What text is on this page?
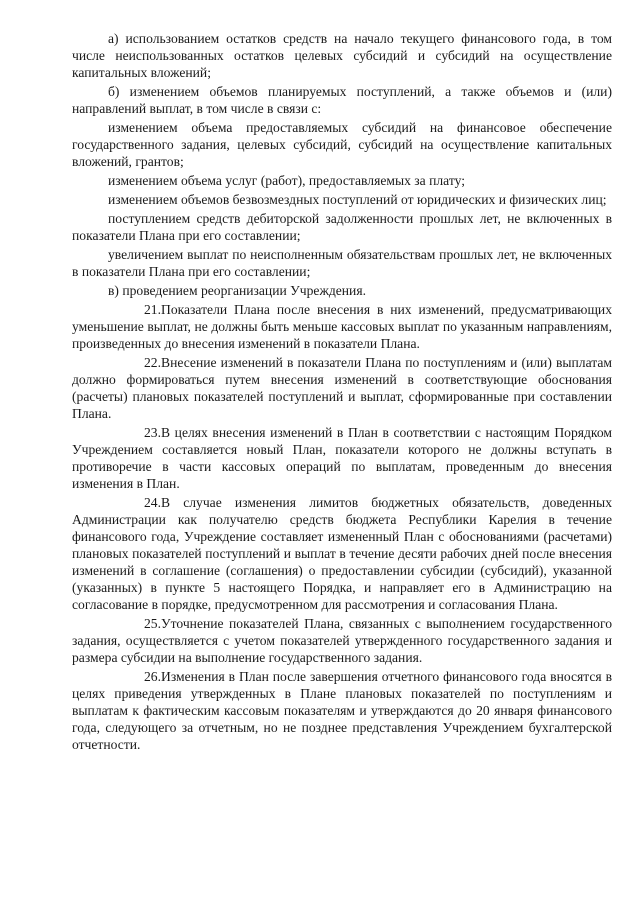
а) использованием остатков средств на начало текущего финансового года, в том числе неиспользованных остатков целевых субсидий и субсидий на осуществление капитальных вложений;

б) изменением объемов планируемых поступлений, а также объемов и (или) направлений выплат, в том числе в связи с:

изменением объема предоставляемых субсидий на финансовое обеспечение государственного задания, целевых субсидий, субсидий на осуществление капитальных вложений, грантов;

изменением объема услуг (работ), предоставляемых за плату;

изменением объемов безвозмездных поступлений от юридических и физических лиц;

поступлением средств дебиторской задолженности прошлых лет, не включенных в показатели Плана при его составлении;

увеличением выплат по неисполненным обязательствам прошлых лет, не включенных в показатели Плана при его составлении;

в) проведением реорганизации Учреждения.

21.Показатели Плана после внесения в них изменений, предусматривающих уменьшение выплат, не должны быть меньше кассовых выплат по указанным направлениям, произведенных до внесения изменений в показатели Плана.

22.Внесение изменений в показатели Плана по поступлениям и (или) выплатам должно формироваться путем внесения изменений в соответствующие обоснования (расчеты) плановых показателей поступлений и выплат, сформированные при составлении Плана.

23.В целях внесения изменений в План в соответствии с настоящим Порядком Учреждением составляется новый План, показатели которого не должны вступать в противоречие в части кассовых операций по выплатам, проведенным до внесения изменения в План.

24.В случае изменения лимитов бюджетных обязательств, доведенных Администрации как получателю средств бюджета Республики Карелия в течение финансового года, Учреждение составляет измененный План с обоснованиями (расчетами) плановых показателей поступлений и выплат в течение десяти рабочих дней после внесения изменений в соглашение (соглашения) о предоставлении субсидии (субсидий), указанной (указанных) в пункте 5 настоящего Порядка, и направляет его в Администрацию на согласование в порядке, предусмотренном для рассмотрения и согласования Плана.

25.Уточнение показателей Плана, связанных с выполнением государственного задания, осуществляется с учетом показателей утвержденного государственного задания и размера субсидии на выполнение государственного задания.

26.Изменения в План после завершения отчетного финансового года вносятся в целях приведения утвержденных в Плане плановых показателей по поступлениям и выплатам к фактическим кассовым показателям и утверждаются до 20 января финансового года, следующего за отчетным, но не позднее представления Учреждением бухгалтерской отчетности.
